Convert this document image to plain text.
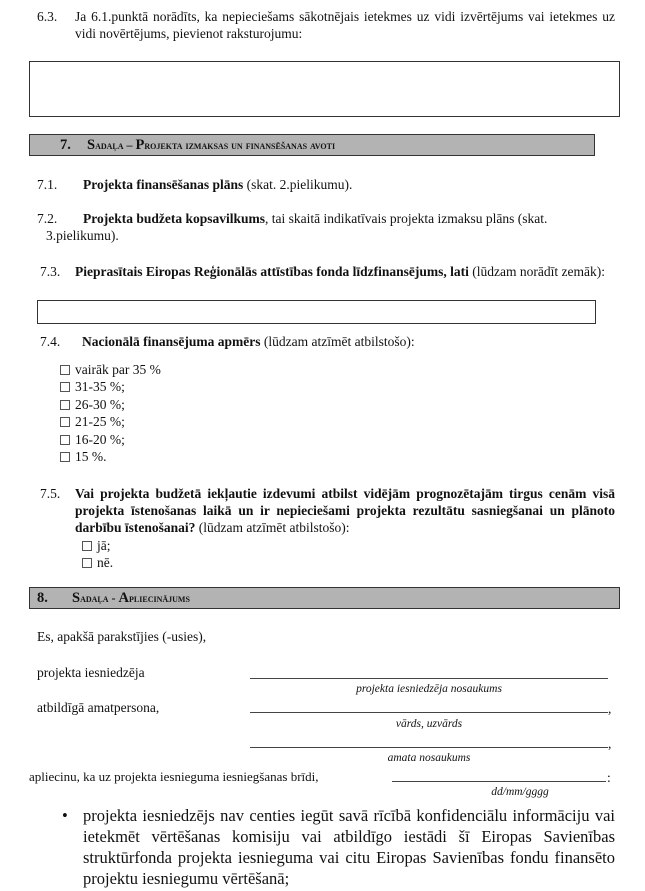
6.3. Ja 6.1.punktā norādīts, ka nepieciešams sākotnējais ietekmes uz vidi izvērtējums vai ietekmes uz vidi novērtējums, pievienot raksturojumu:
7. Sadaļa – Projekta izmaksas un finansēšanas avoti
7.1. Projekta finansēšanas plāns (skat. 2.pielikumu).
7.2. Projekta budžeta kopsavilkums, tai skaitā indikatīvais projekta izmaksu plāns (skat.
3.pielikumu).
7.3. Pieprasītais Eiropas Reģionālās attīstības fonda līdzfinansējums, lati (lūdzam norādīt zemāk):
7.4. Nacionālā finansējuma apmērs (lūdzam atzīmēt atbilstošo):
vairāk par 35 %
31-35 %;
26-30 %;
21-25 %;
16-20 %;
15 %.
7.5. Vai projekta budžetā iekļautie izdevumi atbilst vidējām prognozētajām tirgus cenām visā projekta īstenošanas laikā un ir nepieciešami projekta rezultātu sasniegšanai un plānoto darbību īstenošanai? (lūdzam atzīmēt atbilstošo):
jā;
nē.
8. Sadaļa - Apliecinājums
Es, apakšā parakstījies (-usies),
projekta iesniedzēja
projekta iesniedzēja nosaukums
atbildīgā amatpersona,	,
vārds, uzvārds
,
amata nosaukums
apliecinu, ka uz projekta iesnieguma iesniegšanas brīdi,	:
dd/mm/gggg
• projekta iesniedzējs nav centies iegūt savā rīcībā konfidenciālu informāciju vai ietekmēt vērtēšanas komisiju vai atbildīgo iestādi šī Eiropas Savienības struktūrfonda projekta iesnieguma vai citu Eiropas Savienības fondu finansēto projektu iesniegumu vērtēšanā;
